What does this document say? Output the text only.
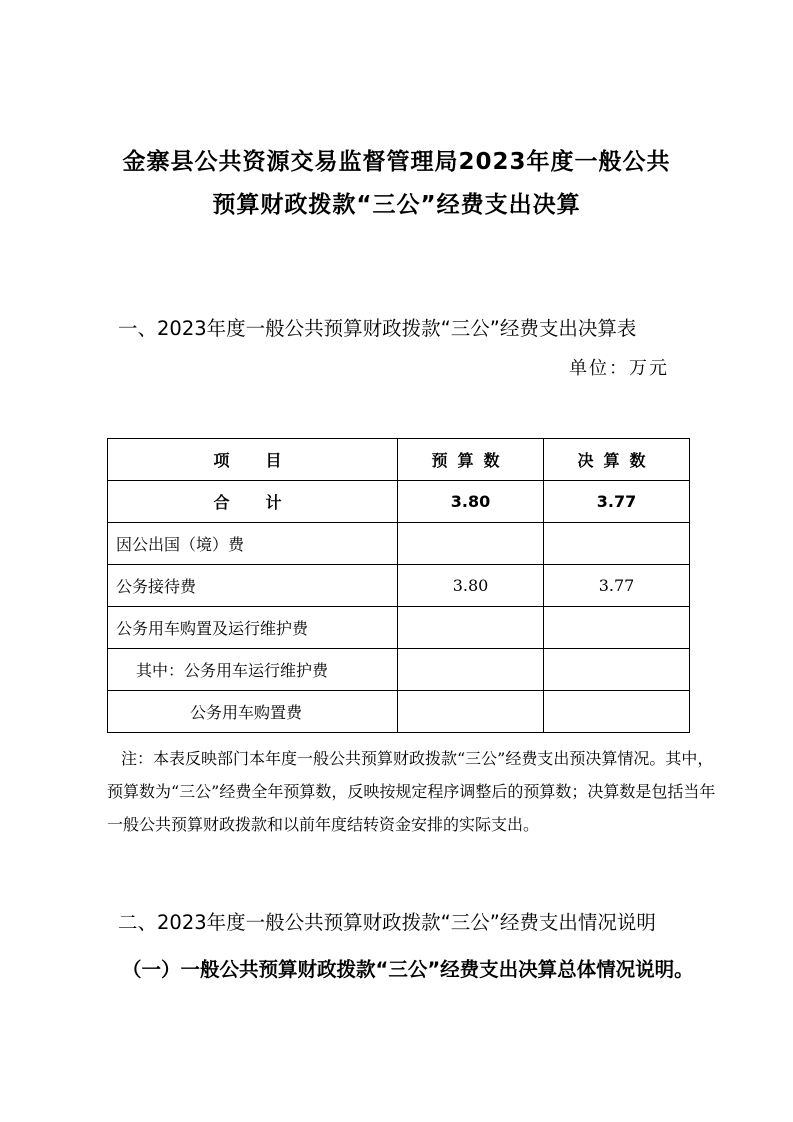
金寨县公共资源交易监督管理局2023年度一般公共
预算财政拨款“三公”经费支出决算
一、2023年度一般公共预算财政拨款“三公”经费支出决算表
单位：万元
项　目	预算数	决算数
合　计	3.80	3.77
因公出国（境）费		
公务接待费	3.80	3.77
公务用车购置及运行维护费		
其中：公务用车运行维护费		
公务用车购置费		
注：本表反映部门本年度一般公共预算财政拨款“三公”经费支出预决算情况。其中，预算数为“三公”经费全年预算数，反映按规定程序调整后的预算数；决算数是包括当年一般公共预算财政拨款和以前年度结转资金安排的实际支出。
二、2023年度一般公共预算财政拨款“三公”经费支出情况说明
（一）一般公共预算财政拨款“三公”经费支出决算总体情况说明。
